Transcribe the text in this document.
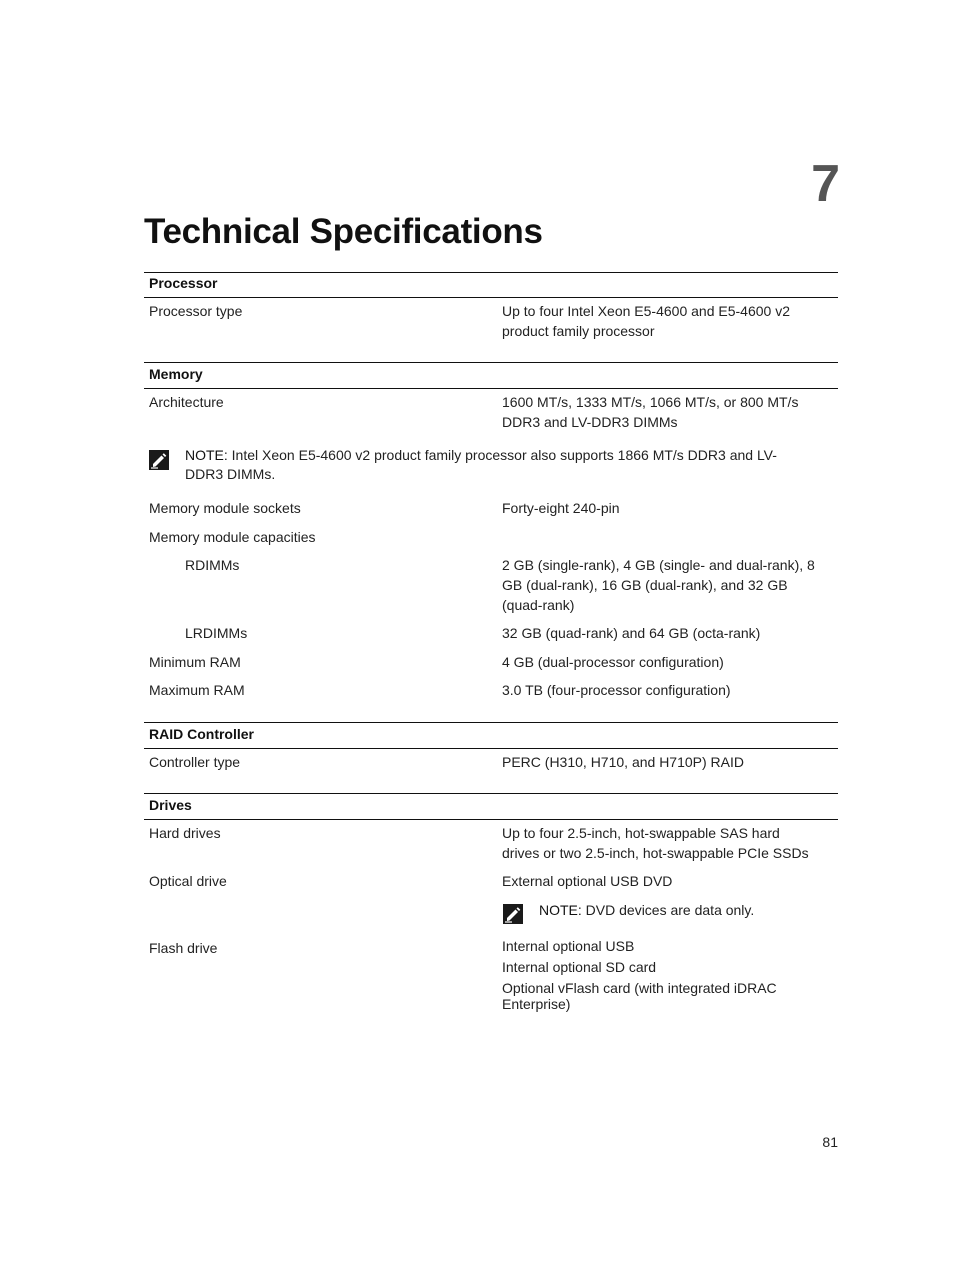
7
Technical Specifications
Processor
Processor type	Up to four Intel Xeon E5-4600 and E5-4600 v2
product family processor
Memory
Architecture	1600 MT/s, 1333 MT/s, 1066 MT/s, or 800 MT/s
DDR3 and LV-DDR3 DIMMs
NOTE: Intel Xeon E5-4600 v2 product family processor also supports 1866 MT/s DDR3 and LV-
DDR3 DIMMs.
Memory module sockets	Forty-eight 240-pin
Memory module capacities
RDIMMs	2 GB (single-rank), 4 GB (single- and dual-rank), 8
GB (dual-rank), 16 GB (dual-rank), and 32 GB
(quad-rank)
LRDIMMs	32 GB (quad-rank) and 64 GB (octa-rank)
Minimum RAM	4 GB (dual-processor configuration)
Maximum RAM	3.0 TB (four-processor configuration)
RAID Controller
Controller type	PERC (H310, H710, and H710P) RAID
Drives
Hard drives	Up to four 2.5-inch, hot-swappable SAS hard
drives or two 2.5-inch, hot-swappable PCIe SSDs
Optical drive	External optional USB DVD
NOTE: DVD devices are data only.
Flash drive	Internal optional USB
Internal optional SD card
Optional vFlash card (with integrated iDRAC
Enterprise)
81
